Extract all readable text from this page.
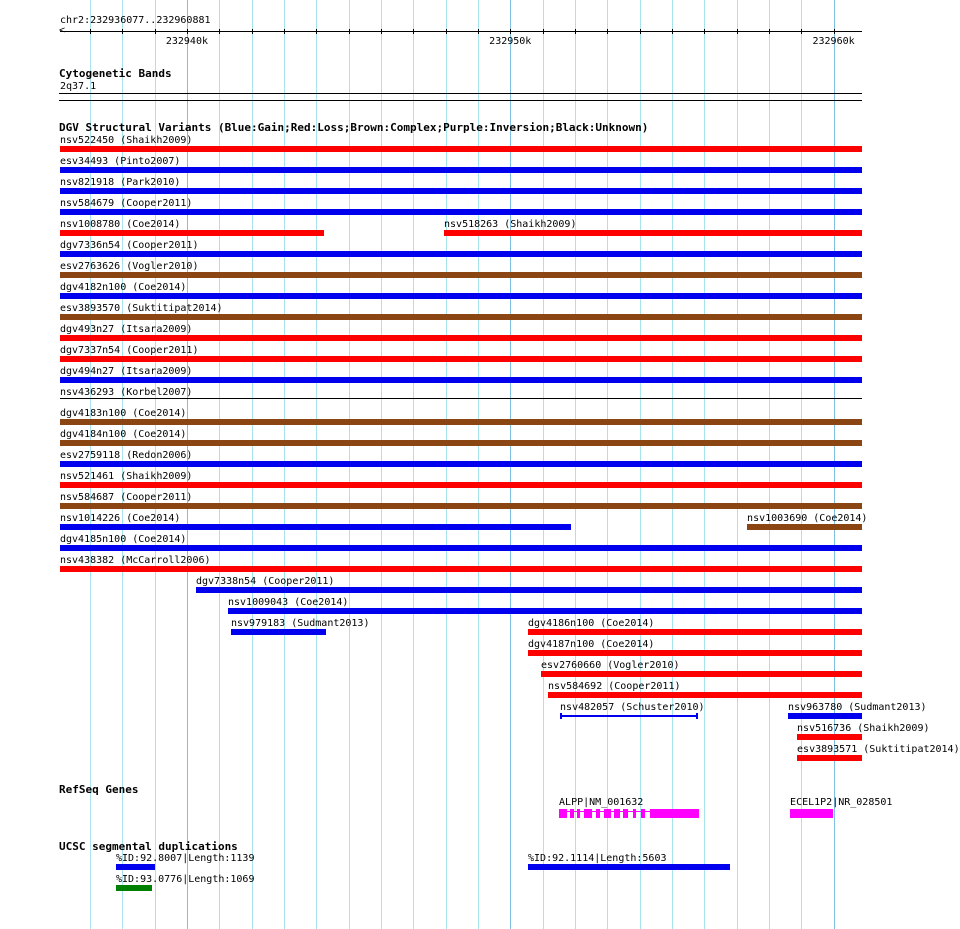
chr2:232936077..232960881
<
232940k	232950k	232960k
Cytogenetic Bands
2q37.1
DGV Structural Variants (Blue:Gain;Red:Loss;Brown:Complex;Purple:Inversion;Black:Unknown)
nsv522450 (Shaikh2009)
esv34493 (Pinto2007)
nsv821918 (Park2010)
nsv584679 (Cooper2011)
nsv1008780 (Coe2014)	nsv518263 (Shaikh2009)
dgv7336n54 (Cooper2011)
esv2763626 (Vogler2010)
dgv4182n100 (Coe2014)
esv3893570 (Suktitipat2014)
dgv493n27 (Itsara2009)
dgv7337n54 (Cooper2011)
dgv494n27 (Itsara2009)
nsv436293 (Korbel2007)
dgv4183n100 (Coe2014)
dgv4184n100 (Coe2014)
esv2759118 (Redon2006)
nsv521461 (Shaikh2009)
nsv584687 (Cooper2011)
nsv1014226 (Coe2014)	nsv1003690 (Coe2014)
dgv4185n100 (Coe2014)
nsv438382 (McCarroll2006)
dgv7338n54 (Cooper2011)
nsv1009043 (Coe2014)
nsv979183 (Sudmant2013)	dgv4186n100 (Coe2014)
dgv4187n100 (Coe2014)
esv2760660 (Vogler2010)
nsv584692 (Cooper2011)
nsv482057 (Schuster2010)	nsv963780 (Sudmant2013)
nsv516736 (Shaikh2009)
esv3893571 (Suktitipat2014)
RefSeq Genes
ALPP|NM_001632	ECEL1P2|NR_028501
UCSC segmental duplications
%ID:92.8007|Length:1139
%ID:93.0776|Length:1069
%ID:92.1114|Length:5603
